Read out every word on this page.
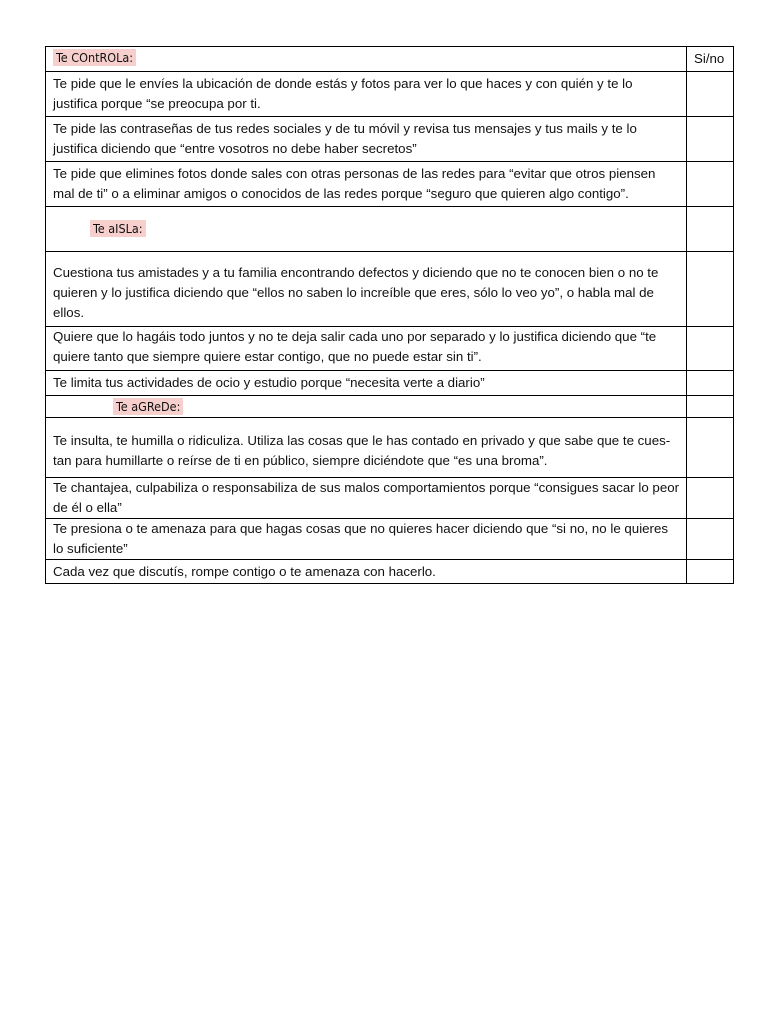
Te COntROLa:	Si/no
Te pide que le envíes la ubicación de donde estás y fotos para ver lo que haces y con quién y te lo justifica porque “se preocupa por ti.	
Te pide las contraseñas de tus redes sociales y de tu móvil y revisa tus mensajes y tus mails y te lo justifica diciendo que “entre vosotros no debe haber secretos”	
Te pide que elimines fotos donde sales con otras personas de las redes para “evitar que otros piensen mal de ti” o a eliminar amigos o conocidos de las redes porque “seguro que quieren algo contigo”.	
Te aISLa:	
Cuestiona tus amistades y a tu familia encontrando defectos y diciendo que no te conocen bien o no te quieren y lo justifica diciendo que “ellos no saben lo increíble que eres, sólo lo veo yo”, o habla mal de ellos.	
Quiere que lo hagáis todo juntos y no te deja salir cada uno por separado y lo justifica diciendo que “te quiere tanto que siempre quiere estar contigo, que no puede estar sin ti”.	
Te limita tus actividades de ocio y estudio porque “necesita verte a diario”	
Te aGReDe:	
Te insulta, te humilla o ridiculiza. Utiliza las cosas que le has contado en privado y que sabe que te cues- tan para humillarte o reírse de ti en público, siempre diciéndote que “es una broma”.	
Te chantajea, culpabiliza o responsabiliza de sus malos comportamientos porque “consigues sacar lo peor de él o ella”	
Te presiona o te amenaza para que hagas cosas que no quieres hacer diciendo que “si no, no le quieres lo suficiente”	
Cada vez que discutís, rompe contigo o te amenaza con hacerlo.	
